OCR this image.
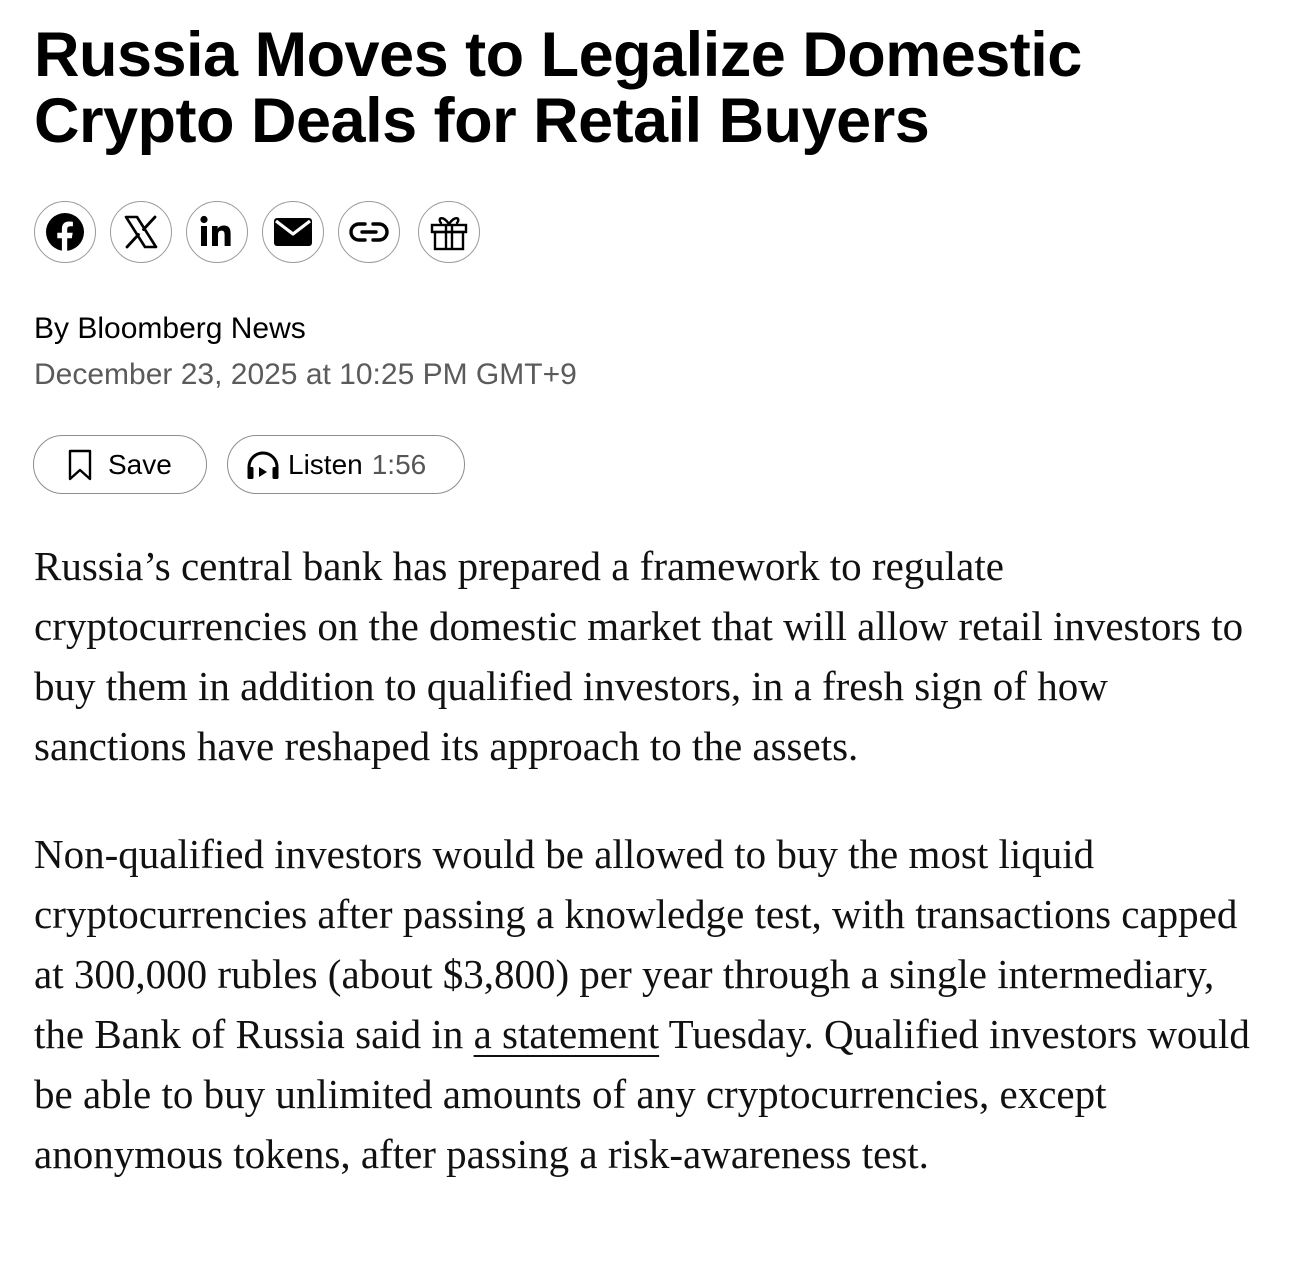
Russia Moves to Legalize Domestic
Crypto Deals for Retail Buyers
By Bloomberg News
December 23, 2025 at 10:25 PM GMT+9
Save	Listen 1:56

Russia’s central bank has prepared a framework to regulate cryptocurrencies on the domestic market that will allow retail investors to buy them in addition to qualified investors, in a fresh sign of how sanctions have reshaped its approach to the assets.

Non-qualified investors would be allowed to buy the most liquid cryptocurrencies after passing a knowledge test, with transactions capped at 300,000 rubles (about $3,800) per year through a single intermediary, the Bank of Russia said in a statement Tuesday. Qualified investors would be able to buy unlimited amounts of any cryptocurrencies, except anonymous tokens, after passing a risk-awareness test.
